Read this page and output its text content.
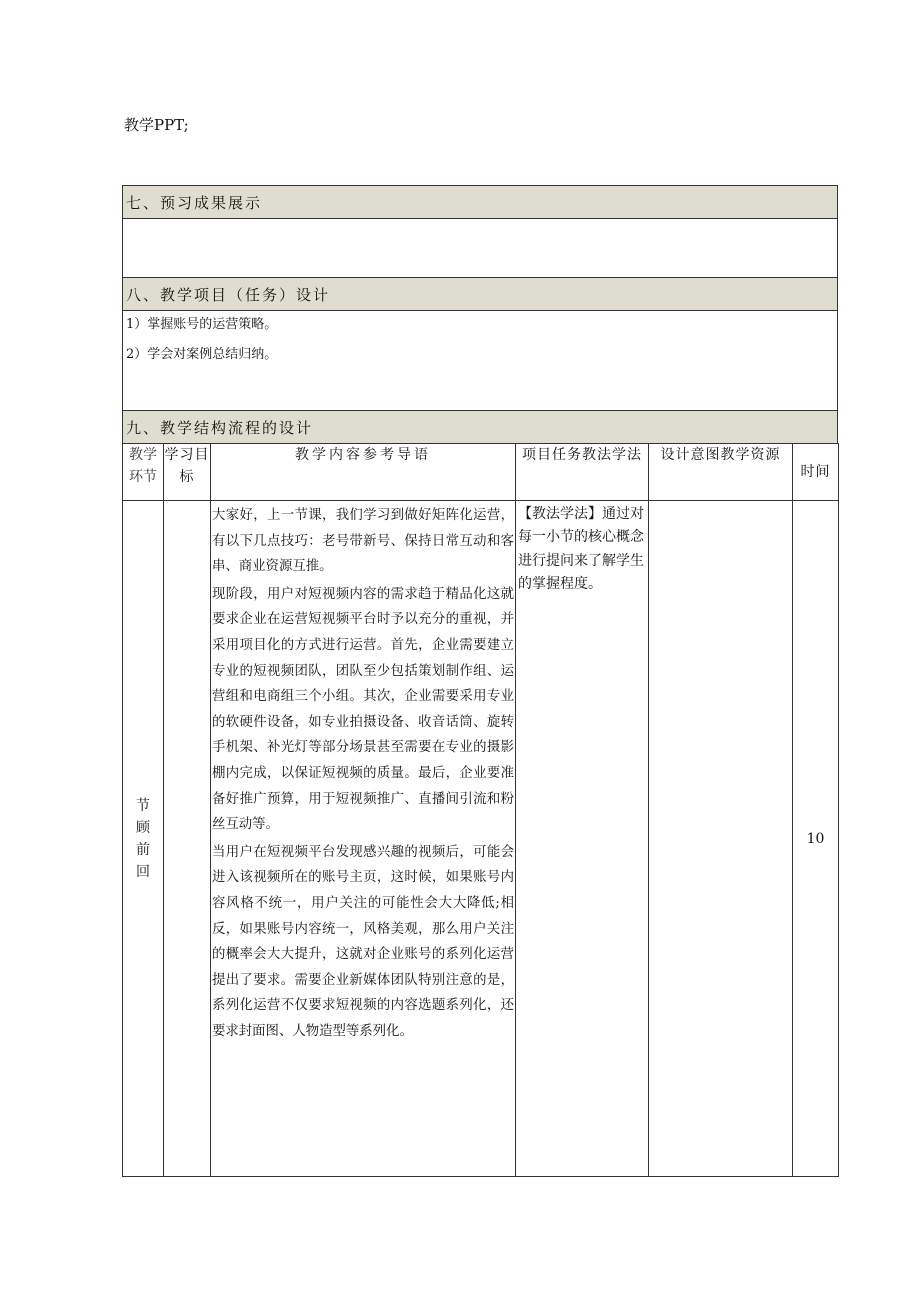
教学PPT;
七、预习成果展示
八、教学项目（任务）设计
1）掌握账号的运营策略。
2）学会对案例总结归纳。
九、教学结构流程的设计
教学环节	学习目标	教学内容参考导语	项目任务教法学法	设计意图教学资源	时间

节顾前回		大家好，上一节课，我们学习到做好矩阵化运营，有以下几点技巧：老号带新号、保持日常互动和客串、商业资源互推。

现阶段，用户对短视频内容的需求趋于精品化这就要求企业在运营短视频平台时予以充分的重视，并采用项目化的方式进行运营。首先，企业需要建立专业的短视频团队，团队至少包括策划制作组、运营组和电商组三个小组。其次，企业需要采用专业的软硬件设备，如专业拍摄设备、收音话筒、旋转手机架、补光灯等部分场景甚至需要在专业的摄影棚内完成，以保证短视频的质量。最后，企业要准备好推广预算，用于短视频推广、直播间引流和粉丝互动等。

当用户在短视频平台发现感兴趣的视频后，可能会进入该视频所在的账号主页，这时候，如果账号内容风格不统一，用户关注的可能性会大大降低;相反，如果账号内容统一，风格美观，那么用户关注的概率会大大提升，这就对企业账号的系列化运营提出了要求。需要企业新媒体团队特别注意的是，系列化运营不仅要求短视频的内容选题系列化，还要求封面图、人物造型等系列化。	【教法学法】通过对每一小节的核心概念进行提问来了解学生的掌握程度。		10
